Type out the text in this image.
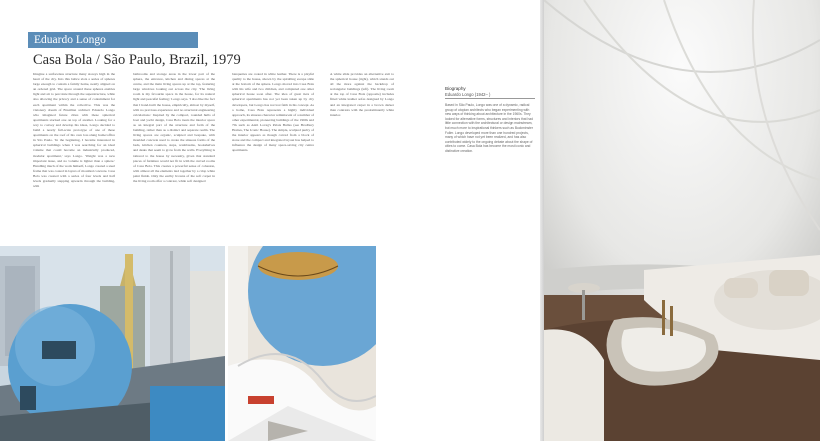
Eduardo Longo
Casa Bola / São Paulo, Brazil, 1979

Imagine a surfaceless structure many storeys high in the heart of the city. Into this lattice slots a series of spheres large enough to contain a family home, neatly aligned on an ordered grid. The space around these spheres enables light and air to percolate through the superstructure, while also allowing the privacy and a sense of containment for each apartment within the collective. This was the visionary dream of Brazilian architect Eduardo Longo who imagined future cities with these spherical apartments stacked one on top of another. Looking for a way to convey and develop his ideas, Longo decided to build a nearly full-scale prototype of one of these apartments on the roof of his own low-slung home/office in São Paulo. 'In the beginning, I became interested in spherical buildings when I was searching for an ideal volume that could become an industrially produced, modular apartment,' says Longo. 'Weight was a new important issue, and no volume is lighter than a sphere.' Handling much of the work himself, Longo created a steel frame that was coated in layers of moulded concrete. Casa Bola was created with a series of four levels and half levels gradually stepping upwards through the building, with

bathrooms and storage areas in the lower part of the sphere, the entrance, kitchen and dining spaces at the centre, and the main living spaces up at the top, featuring large windows looking out across the city. 'The living room is my favourite space in the house, for its natural light and peaceful feeling,' Longo says. 'I also like the fact that I hand-built the house, empirically, almost by myself, with no previous experience and no structural engineering calculations.' Inspired by the compact, rounded hulls of boat and yacht design, Casa Bola treats the interior space as an integral part of the structure and form of the building, rather than as a distinct and separate realm. The living spaces are organic, sculpted and bespoke, with moulded concrete used to create the sinuous forms of the beds, kitchen counters, steps, washbasins, bookshelves and desks that seem to grow from the walls. Everything is tailored to the house by necessity, given that standard pieces of furniture would not fit in with the curved rooms of Casa Bola. This creates a powerful sense of cohesion, with almost all the elements tied together by a crisp white paint finish. Only the earthy browns of the soft carpet in the living room offer a contrast, while soft designed

banquettes are coated in white leather. There is a playful quality to the house, shown by the spiralling escape slide at the bottom of the sphere. Longo moved into Casa Bola with his wife and two children, and completed one other spherical house soon after. The idea of great tiers of spherical apartments has not yet been taken up by city developers, but Longo has not lost faith in his concept. As a home, Casa Bola represents a highly individual approach, its sinuous character reminiscent of a number of other experimental, pioneering buildings of the 1960s and 70s such as Antti Lovag's Palais Bulles (see Bradbury Homes, The Iconic House). The simple, sculpted purity of the interior appears as though carved from a block of stone and the compact and integrated layout has helped to influence the design of many space-saving city centre apartments.

A white slide provides an alternative exit to the spherical house (right), which stands out all the more against the backdrop of rectangular buildings (left). The living room at the top of Casa Bola (opposite) includes fitted white leather sofas designed by Longo and an integrated carpet in a brown darker than contrasts with the predominantly white interior.

Biography
Eduardo Longo (1942– )
Based in São Paulo, Longo was one of a dynamic, radical group of utopian architects who began experimenting with new ways of thinking about architecture in the 1960s. They looked for alternative forms, structures and interiors that had little connection with the architectural or design mainstream, but much more to inspirational thinkers such as Buckminster Fuller. Longo developed more than one hundred projects, many of which have not yet been realized, and has also contributed widely to the ongoing debate about the shape of cities to come. Casa Bola has become the most iconic and distinctive creation.
